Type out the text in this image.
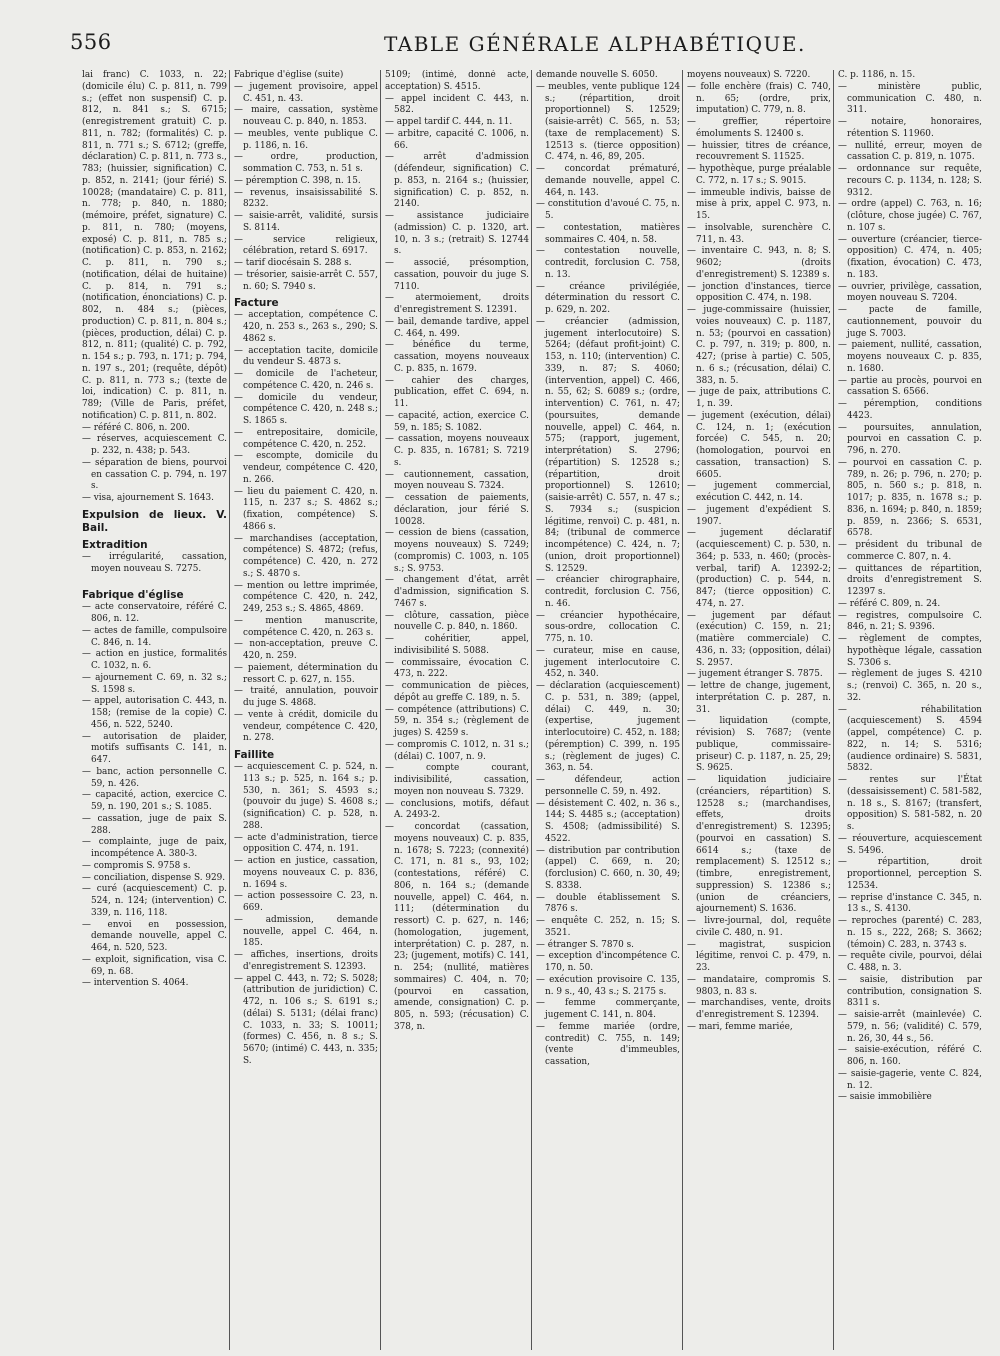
556	TABLE GÉNÉRALE ALPHABÉTIQUE.

lai franc) C. 1033, n. 22; (domicile élu) C. p. 811, n. 799 s.; (effet non suspensif) C. p. 812, n. 841 s.; S. 6715; (enregistrement gratuit) C. p. 811, n. 782; (formalités) C. p. 811, n. 771 s.; S. 6712; (greffe, déclaration) C. p. 811, n. 773 s., 783; (huissier, signification) C. p. 852, n. 2141; (jour férié) S. 10028; (mandataire) C. p. 811, n. 778; p. 840, n. 1880; (mémoire, préfet, signature) C. p. 811, n. 780; (moyens, exposé) C. p. 811, n. 785 s.; (notification) C. p. 853, n. 2162; C. p. 811, n. 790 s.; (notification, délai de huitaine) C. p. 814, n. 791 s.; (notification, énonciations) C. p. 802, n. 484 s.; (pièces, production) C. p. 811, n. 804 s.; (pièces, production, délai) C. p. 812, n. 811; (qualité) C. p. 792, n. 154 s.; p. 793, n. 171; p. 794, n. 197 s., 201; (requête, dépôt) C. p. 811, n. 773 s.; (texte de loi, indication) C. p. 811, n. 789; (Ville de Paris, préfet, notification) C. p. 811, n. 802.

— référé C. 806, n. 200.

— réserves, acquiescement C. p. 232, n. 438; p. 543.

— séparation de biens, pourvoi en cassation C. p. 794, n. 197 s.

— visa, ajournement S. 1643.

Expulsion de lieux. V. Bail.

Extradition

— irrégularité, cassation, moyen nouveau S. 7275.

Fabrique d'église

— acte conservatoire, référé C. 806, n. 12.

— actes de famille, compulsoire C. 846, n. 14.

— action en justice, formalités C. 1032, n. 6.

— ajournement C. 69, n. 32 s.; S. 1598 s.

— appel, autorisation C. 443, n. 158; (remise de la copie) C. 456, n. 522, 5240.

— autorisation de plaider, motifs suffisants C. 141, n. 647.

— banc, action personnelle C. 59, n. 426.

— capacité, action, exercice C. 59, n. 190, 201 s.; S. 1085.

— cassation, juge de paix S. 288.

— complainte, juge de paix, incompétence A. 380-3.

— compromis S. 9758 s.

— conciliation, dispense S. 929.

— curé (acquiescement) C. p. 524, n. 124; (intervention) C. 339, n. 116, 118.

— envoi en possession, demande nouvelle, appel C. 464, n. 520, 523.

— exploit, signification, visa C. 69, n. 68.

— intervention S. 4064.

Fabrique d'église (suite)

— jugement provisoire, appel C. 451, n. 43.

— maire, cassation, système nouveau C. p. 840, n. 1853.

— meubles, vente publique C. p. 1186, n. 16.

— ordre, production, sommation C. 753, n. 51 s.

— péremption C. 398, n. 15.

— revenus, insaisissabilité S. 8232.

— saisie-arrêt, validité, sursis S. 8114.

— service religieux, célébration, retard S. 6917.

— tarif diocésain S. 288 s.

— trésorier, saisie-arrêt C. 557, n. 60; S. 7940 s.

Facture

— acceptation, compétence C. 420, n. 253 s., 263 s., 290; S. 4862 s.

— acceptation tacite, domicile du vendeur S. 4873 s.

— domicile de l'acheteur, compétence C. 420, n. 246 s.

— domicile du vendeur, compétence C. 420, n. 248 s.; S. 1865 s.

— entrepositaire, domicile, compétence C. 420, n. 252.

— escompte, domicile du vendeur, compétence C. 420, n. 266.

— lieu du paiement C. 420, n. 115, n. 237 s.; S. 4862 s.; (fixation, compétence) S. 4866 s.

— marchandises (acceptation, compétence) S. 4872; (refus, compétence) C. 420, n. 272 s.; S. 4870 s.

— mention ou lettre imprimée, compétence C. 420, n. 242, 249, 253 s.; S. 4865, 4869.

— mention manuscrite, compétence C. 420, n. 263 s.

— non-acceptation, preuve C. 420, n. 259.

— paiement, détermination du ressort C. p. 627, n. 155.

— traité, annulation, pouvoir du juge S. 4868.

— vente à crédit, domicile du vendeur, compétence C. 420, n. 278.

Faillite

— acquiescement C. p. 524, n. 113 s.; p. 525, n. 164 s.; p. 530, n. 361; S. 4593 s.; (pouvoir du juge) S. 4608 s.; (signification) C. p. 528, n. 288.

— acte d'administration, tierce opposition C. 474, n. 191.

— action en justice, cassation, moyens nouveaux C. p. 836, n. 1694 s.

— action possessoire C. 23, n. 669.

— admission, demande nouvelle, appel C. 464, n. 185.

— affiches, insertions, droits d'enregistrement S. 12393.

— appel C. 443, n. 72; S. 5028; (attribution de juridiction) C. 472, n. 106 s.; S. 6191 s.; (délai) S. 5131; (délai franc) C. 1033, n. 33; S. 10011; (formes) C. 456, n. 8 s.; S. 5670; (intimé) C. 443, n. 335; S.

5109; (intimé, donné acte, acceptation) S. 4515.

— appel incident C. 443, n. 582.

— appel tardif C. 444, n. 11.

— arbitre, capacité C. 1006, n. 66.

— arrêt d'admission (défendeur, signification) C. p. 853, n. 2164 s.; (huissier, signification) C. p. 852, n. 2140.

— assistance judiciaire (admission) C. p. 1320, art. 10, n. 3 s.; (retrait) S. 12744 s.

— associé, présomption, cassation, pouvoir du juge S. 7110.

— atermoiement, droits d'enregistrement S. 12391.

— bail, demande tardive, appel C. 464, n. 499.

— bénéfice du terme, cassation, moyens nouveaux C. p. 835, n. 1679.

— cahier des charges, publication, effet C. 694, n. 11.

— capacité, action, exercice C. 59, n. 185; S. 1082.

— cassation, moyens nouveaux C. p. 835, n. 16781; S. 7219 s.

— cautionnement, cassation, moyen nouveau S. 7324.

— cessation de paiements, déclaration, jour férié S. 10028.

— cession de biens (cassation, moyens nouveaux) S. 7249; (compromis) C. 1003, n. 105 s.; S. 9753.

— changement d'état, arrêt d'admission, signification S. 7467 s.

— clôture, cassation, pièce nouvelle C. p. 840, n. 1860.

— cohéritier, appel, indivisibilité S. 5088.

— commissaire, évocation C. 473, n. 222.

— communication de pièces, dépôt au greffe C. 189, n. 5.

— compétence (attributions) C. 59, n. 354 s.; (règlement de juges) S. 4259 s.

— compromis C. 1012, n. 31 s.; (délai) C. 1007, n. 9.

— compte courant, indivisibilité, cassation, moyen non nouveau S. 7329.

— conclusions, motifs, défaut A. 2493-2.

— concordat (cassation, moyens nouveaux) C. p. 835, n. 1678; S. 7223; (connexité) C. 171, n. 81 s., 93, 102; (contestations, référé) C. 806, n. 164 s.; (demande nouvelle, appel) C. 464, n. 111; (détermination du ressort) C. p. 627, n. 146; (homologation, jugement, interprétation) C. p. 287, n. 23; (jugement, motifs) C. 141, n. 254; (nullité, matières sommaires) C. 404, n. 70; (pourvoi en cassation, amende, consignation) C. p. 805, n. 593; (récusation) C. 378, n.

demande nouvelle S. 6050.

— meubles, vente publique 124 s.; (répartition, droit proportionnel) S. 12529; (saisie-arrêt) C. 565, n. 53; (taxe de remplacement) S. 12513 s. (tierce opposition) C. 474, n. 46, 89, 205.

— concordat prématuré, demande nouvelle, appel C. 464, n. 143.

— constitution d'avoué C. 75, n. 5.

— contestation, matières sommaires C. 404, n. 58.

— contestation nouvelle, contredit, forclusion C. 758, n. 13.

— créance privilégiée, détermination du ressort C. p. 629, n. 202.

— créancier (admission, jugement interlocutoire) S. 5264; (défaut profit-joint) C. 153, n. 110; (intervention) C. 339, n. 87; S. 4060; (intervention, appel) C. 466, n. 55, 62; S. 6089 s.; (ordre, intervention) C. 761, n. 47; (poursuites, demande nouvelle, appel) C. 464, n. 575; (rapport, jugement, interprétation) S. 2796; (répartition) S. 12528 s.; (répartition, droit proportionnel) S. 12610; (saisie-arrêt) C. 557, n. 47 s.; S. 7934 s.; (suspicion légitime, renvoi) C. p. 481, n. 84; (tribunal de commerce incompétence) C. 424, n. 7; (union, droit proportionnel) S. 12529.

— créancier chirographaire, contredit, forclusion C. 756, n. 46.

— créancier hypothécaire, sous-ordre, collocation C. 775, n. 10.

— curateur, mise en cause, jugement interlocutoire C. 452, n. 340.

— déclaration (acquiescement) C. p. 531, n. 389; (appel, délai) C. 449, n. 30; (expertise, jugement interlocutoire) C. 452, n. 188; (péremption) C. 399, n. 195 s.; (règlement de juges) C. 363, n. 54.

— défendeur, action personnelle C. 59, n. 492.

— désistement C. 402, n. 36 s., 144; S. 4485 s.; (acceptation) S. 4508; (admissibilité) S. 4522.

— distribution par contribution (appel) C. 669, n. 20; (forclusion) C. 660, n. 30, 49; S. 8338.

— double établissement S. 7876 s.

— enquête C. 252, n. 15; S. 3521.

— étranger S. 7870 s.

— exception d'incompétence C. 170, n. 50.

— exécution provisoire C. 135, n. 9 s., 40, 43 s.; S. 2175 s.

— femme commerçante, jugement C. 141, n. 804.

— femme mariée (ordre, contredit) C. 755, n. 149; (vente d'immeubles, cassation,

moyens nouveaux) S. 7220.

— folle enchère (frais) C. 740, n. 65; (ordre, prix, imputation) C. 779, n. 8.

— greffier, répertoire émoluments S. 12400 s.

— huissier, titres de créance, recouvrement S. 11525.

— hypothèque, purge préalable C. 772, n. 17 s.; S. 9015.

— immeuble indivis, baisse de mise à prix, appel C. 973, n. 15.

— insolvable, surenchère C. 711, n. 43.

— inventaire C. 943, n. 8; S. 9602; (droits d'enregistrement) S. 12389 s.

— jonction d'instances, tierce opposition C. 474, n. 198.

— juge-commissaire (huissier, voies nouveaux) C. p. 1187, n. 53; (pourvoi en cassation) C. p. 797, n. 319; p. 800, n. 427; (prise à partie) C. 505, n. 6 s.; (récusation, délai) C. 383, n. 5.

— juge de paix, attributions C. 1, n. 39.

— jugement (exécution, délai) C. 124, n. 1; (exécution forcée) C. 545, n. 20; (homologation, pourvoi en cassation, transaction) S. 6605.

— jugement commercial, exécution C. 442, n. 14.

— jugement d'expédient S. 1907.

— jugement déclaratif (acquiescement) C. p. 530, n. 364; p. 533, n. 460; (procès-verbal, tarif) A. 12392-2; (production) C. p. 544, n. 847; (tierce opposition) C. 474, n. 27.

— jugement par défaut (exécution) C. 159, n. 21; (matière commerciale) C. 436, n. 33; (opposition, délai) S. 2957.

— jugement étranger S. 7875.

— lettre de change, jugement, interprétation C. p. 287, n. 31.

— liquidation (compte, révision) S. 7687; (vente publique, commissaire-priseur) C. p. 1187, n. 25, 29; S. 9625.

— liquidation judiciaire (créanciers, répartition) S. 12528 s.; (marchandises, effets, droits d'enregistrement) S. 12395; (pourvoi en cassation) S. 6614 s.; (taxe de remplacement) S. 12512 s.; (timbre, enregistrement, suppression) S. 12386 s.; (union de créanciers, ajournement) S. 1636.

— livre-journal, dol, requête civile C. 480, n. 91.

— magistrat, suspicion légitime, renvoi C. p. 479, n. 23.

— mandataire, compromis S. 9803, n. 83 s.

— marchandises, vente, droits d'enregistrement S. 12394.

— mari, femme mariée,

C. p. 1186, n. 15.

— ministère public, communication C. 480, n. 311.

— notaire, honoraires, rétention S. 11960.

— nullité, erreur, moyen de cassation C. p. 819, n. 1075.

— ordonnance sur requête, recours C. p. 1134, n. 128; S. 9312.

— ordre (appel) C. 763, n. 16; (clôture, chose jugée) C. 767, n. 107 s.

— ouverture (créancier, tierce-opposition) C. 474, n. 405; (fixation, évocation) C. 473, n. 183.

— ouvrier, privilège, cassation, moyen nouveau S. 7204.

— pacte de famille, cautionnement, pouvoir du juge S. 7003.

— paiement, nullité, cassation, moyens nouveaux C. p. 835, n. 1680.

— partie au procès, pourvoi en cassation S. 6566.

— péremption, conditions 4423.

— poursuites, annulation, pourvoi en cassation C. p. 796, n. 270.

— pourvoi en cassation C. p. 789, n. 26; p. 796, n. 270; p. 805, n. 560 s.; p. 818, n. 1017; p. 835, n. 1678 s.; p. 836, n. 1694; p. 840, n. 1859; p. 859, n. 2366; S. 6531, 6578.

— président du tribunal de commerce C. 807, n. 4.

— quittances de répartition, droits d'enregistrement S. 12397 s.

— référé C. 809, n. 24.

— registres, compulsoire C. 846, n. 21; S. 9396.

— règlement de comptes, hypothèque légale, cassation S. 7306 s.

— règlement de juges S. 4210 s.; (renvoi) C. 365, n. 20 s., 32.

— réhabilitation (acquiescement) S. 4594 (appel, compétence) C. p. 822, n. 14; S. 5316; (audience ordinaire) S. 5831, 5832.

— rentes sur l'État (dessaisissement) C. 581-582, n. 18 s., S. 8167; (transfert, opposition) S. 581-582, n. 20 s.

— réouverture, acquiescement S. 5496.

— répartition, droit proportionnel, perception S. 12534.

— reprise d'instance C. 345, n. 13 s., S. 4130.

— reproches (parenté) C. 283, n. 15 s., 222, 268; S. 3662; (témoin) C. 283, n. 3743 s.

— requête civile, pourvoi, délai C. 488, n. 3.

— saisie, distribution par contribution, consignation S. 8311 s.

— saisie-arrêt (mainlevée) C. 579, n. 56; (validité) C. 579, n. 26, 30, 44 s., 56.

— saisie-exécution, référé C. 806, n. 160.

— saisie-gagerie, vente C. 824, n. 12.

— saisie immobilière
